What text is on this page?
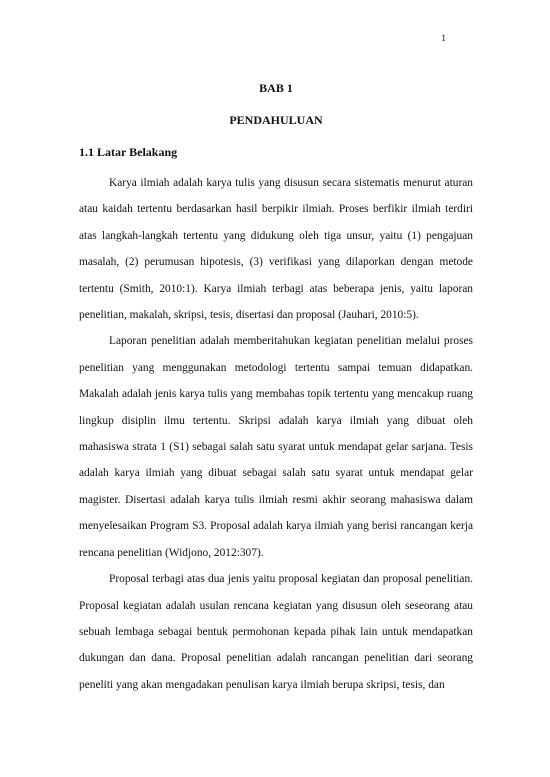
1
BAB 1
PENDAHULUAN
1.1 Latar Belakang

Karya ilmiah adalah karya tulis yang disusun secara sistematis menurut aturan atau kaidah tertentu berdasarkan hasil berpikir ilmiah. Proses berfikir ilmiah terdiri atas langkah-langkah tertentu yang didukung oleh tiga unsur, yaitu (1) pengajuan masalah, (2) perumusan hipotesis, (3) verifikasi yang dilaporkan dengan metode tertentu (Smith, 2010:1). Karya ilmiah terbagi atas beberapa jenis, yaitu laporan penelitian, makalah, skripsi, tesis, disertasi dan proposal (Jauhari, 2010:5).

Laporan penelitian adalah memberitahukan kegiatan penelitian melalui proses penelitian yang menggunakan metodologi tertentu sampai temuan didapatkan. Makalah adalah jenis karya tulis yang membahas topik tertentu yang mencakup ruang lingkup disiplin ilmu tertentu. Skripsi adalah karya ilmiah yang dibuat oleh mahasiswa strata 1 (S1) sebagai salah satu syarat untuk mendapat gelar sarjana. Tesis adalah karya ilmiah yang dibuat sebagai salah satu syarat untuk mendapat gelar magister. Disertasi adalah karya tulis ilmiah resmi akhir seorang mahasiswa dalam menyelesaikan Program S3. Proposal adalah karya ilmiah yang berisi rancangan kerja rencana penelitian (Widjono, 2012:307).

Proposal terbagi atas dua jenis yaitu proposal kegiatan dan proposal penelitian. Proposal kegiatan adalah usulan rencana kegiatan yang disusun oleh seseorang atau sebuah lembaga sebagai bentuk permohonan kepada pihak lain untuk mendapatkan dukungan dan dana. Proposal penelitian adalah rancangan penelitian dari seorang peneliti yang akan mengadakan penulisan karya ilmiah berupa skripsi, tesis, dan
